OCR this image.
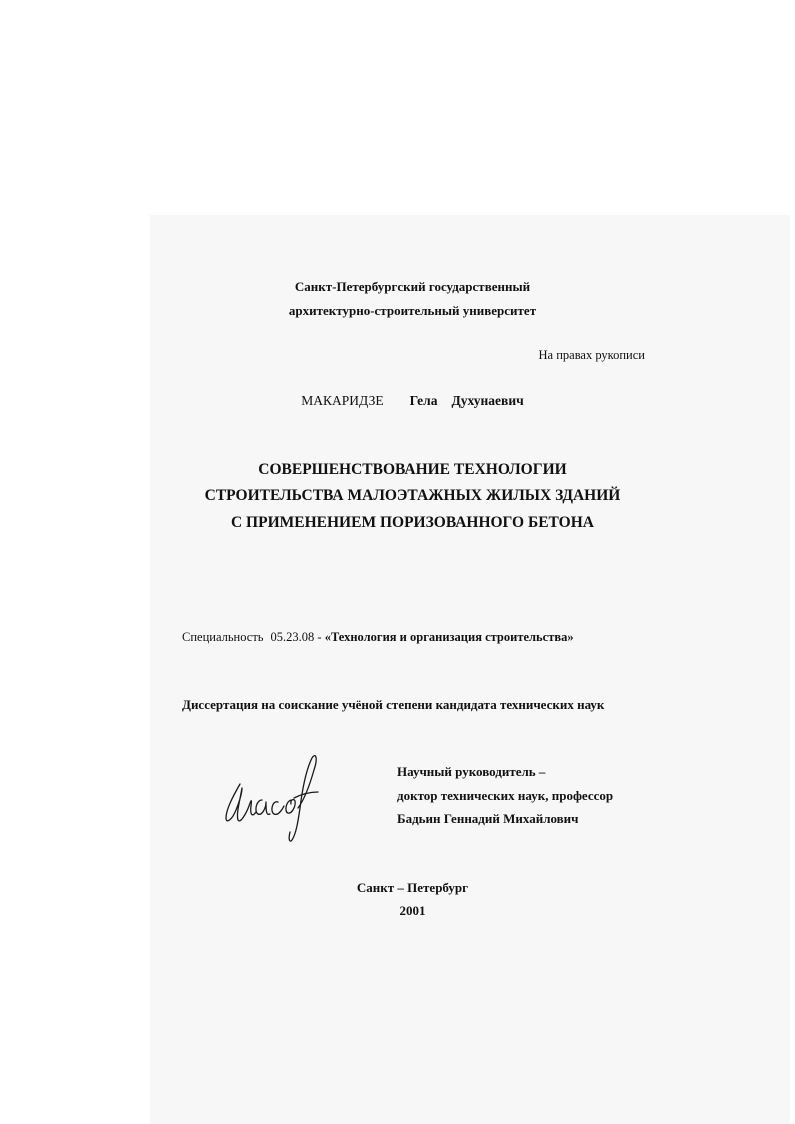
Санкт-Петербургский государственный
архитектурно-строительный университет
На правах рукописи
МАКАРИДЗЕ Гела Духунаевич
СОВЕРШЕНСТВОВАНИЕ ТЕХНОЛОГИИ
СТРОИТЕЛЬСТВА МАЛОЭТАЖНЫХ ЖИЛЫХ ЗДАНИЙ
С ПРИМЕНЕНИЕМ ПОРИЗОВАННОГО БЕТОНА
Специальность 05.23.08 - «Технология и организация строительства»
Диссертация на соискание учёной степени кандидата технических наук
Научный руководитель –
доктор технических наук, профессор
Бадьин Геннадий Михайлович
Санкт – Петербург
2001
